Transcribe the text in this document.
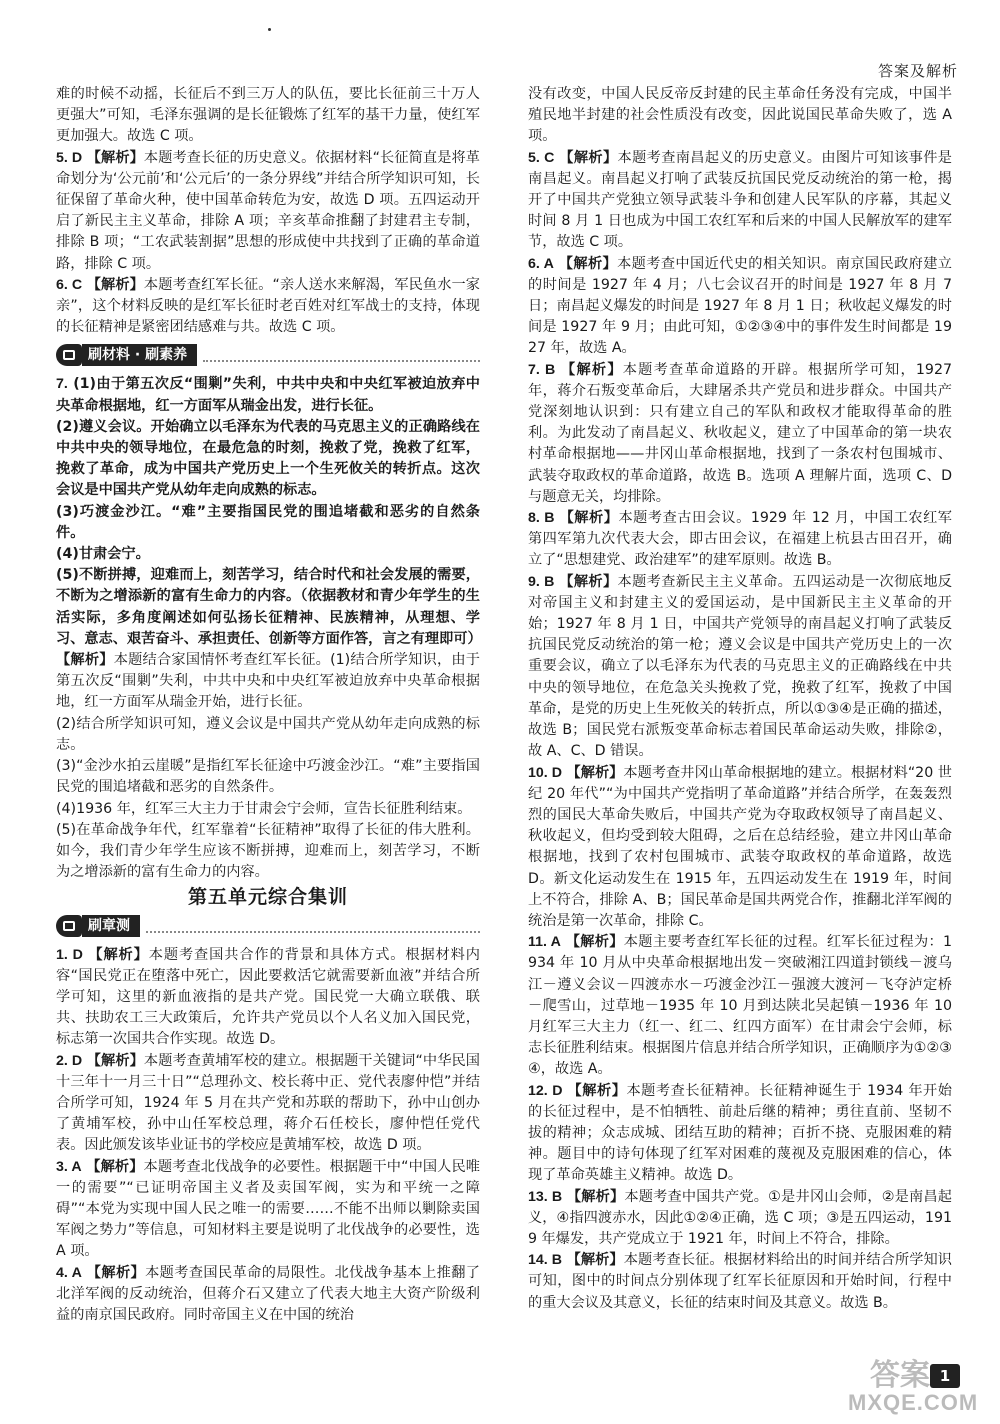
答案及解析

难的时候不动摇，长征后不到三万人的队伍，要比长征前三十万人更强大”可知，毛泽东强调的是长征锻炼了红军的基干力量，使红军更加强大。故选 C 项。

5. D 【解析】本题考查长征的历史意义。依据材料“长征简直是将革命划分为‘公元前’和‘公元后’的一条分界线”并结合所学知识可知，长征保留了革命火种，使中国革命转危为安，故选 D 项。五四运动开启了新民主主义革命，排除 A 项；辛亥革命推翻了封建君主专制，排除 B 项；“工农武装割据”思想的形成使中共找到了正确的革命道路，排除 C 项。

6. C 【解析】本题考查红军长征。“亲人送水来解渴，军民鱼水一家亲”，这个材料反映的是红军长征时老百姓对红军战士的支持，体现的长征精神是紧密团结感难与共。故选 C 项。

刷材料 · 刷素养

7. (1)由于第五次反“围剿”失利，中共中央和中央红军被迫放弃中央革命根据地，红一方面军从瑞金出发，进行长征。

(2)遵义会议。开始确立以毛泽东为代表的马克思主义的正确路线在中共中央的领导地位，在最危急的时刻，挽救了党，挽救了红军，挽救了革命，成为中国共产党历史上一个生死攸关的转折点。这次会议是中国共产党从幼年走向成熟的标志。

(3)巧渡金沙江。“难”主要指国民党的围追堵截和恶劣的自然条件。

(4)甘肃会宁。

(5)不断拼搏，迎难而上，刻苦学习，结合时代和社会发展的需要，不断为之增添新的富有生命力的内容。（依据教材和青少年学生的生活实际，多角度阐述如何弘扬长征精神、民族精神，从理想、学习、意志、艰苦奋斗、承担责任、创新等方面作答，言之有理即可）

【解析】本题结合家国情怀考查红军长征。(1)结合所学知识，由于第五次反“围剿”失利，中共中央和中央红军被迫放弃中央革命根据地，红一方面军从瑞金开始，进行长征。

(2)结合所学知识可知，遵义会议是中国共产党从幼年走向成熟的标志。

(3)“金沙水拍云崖暖”是指红军长征途中巧渡金沙江。“难”主要指国民党的围追堵截和恶劣的自然条件。

(4)1936 年，红军三大主力于甘肃会宁会师，宣告长征胜利结束。

(5)在革命战争年代，红军靠着“长征精神”取得了长征的伟大胜利。如今，我们青少年学生应该不断拼搏，迎难而上，刻苦学习，不断为之增添新的富有生命力的内容。

第五单元综合集训
刷章测

1. D 【解析】本题考查国共合作的背景和具体方式。根据材料内容“国民党正在堕落中死亡，因此要救活它就需要新血液”并结合所学可知，这里的新血液指的是共产党。国民党一大确立联俄、联共、扶助农工三大政策后，允许共产党员以个人名义加入国民党，标志第一次国共合作实现。故选 D。

2. D 【解析】本题考查黄埔军校的建立。根据题干关键词“中华民国十三年十一月三十日”“总理孙文、校长蒋中正、党代表廖仲恺”并结合所学可知，1924 年 5 月在共产党和苏联的帮助下，孙中山创办了黄埔军校，孙中山任军校总理，蒋介石任校长，廖仲恺任党代表。因此颁发该毕业证书的学校应是黄埔军校，故选 D 项。

3. A 【解析】本题考查北伐战争的必要性。根据题干中“中国人民唯一的需要”“已证明帝国主义者及卖国军阀，实为和平统一之障碍”“本党为实现中国人民之唯一的需要……不能不出师以剿除卖国军阀之势力”等信息，可知材料主要是说明了北伐战争的必要性，选 A 项。

4. A 【解析】本题考查国民革命的局限性。北伐战争基本上推翻了北洋军阀的反动统治，但蒋介石又建立了代表大地主大资产阶级利益的南京国民政府。同时帝国主义在中国的统治

没有改变，中国人民反帝反封建的民主革命任务没有完成，中国半殖民地半封建的社会性质没有改变，因此说国民革命失败了，选 A 项。

5. C 【解析】本题考查南昌起义的历史意义。由图片可知该事件是南昌起义。南昌起义打响了武装反抗国民党反动统治的第一枪，揭开了中国共产党独立领导武装斗争和创建人民军队的序幕，其起义时间 8 月 1 日也成为中国工农红军和后来的中国人民解放军的建军节，故选 C 项。

6. A 【解析】本题考查中国近代史的相关知识。南京国民政府建立的时间是 1927 年 4 月；八七会议召开的时间是 1927 年 8 月 7 日；南昌起义爆发的时间是 1927 年 8 月 1 日；秋收起义爆发的时间是 1927 年 9 月；由此可知，①②③④中的事件发生时间都是 1927 年，故选 A。

7. B 【解析】本题考查革命道路的开辟。根据所学可知，1927 年，蒋介石叛变革命后，大肆屠杀共产党员和进步群众。中国共产党深刻地认识到：只有建立自己的军队和政权才能取得革命的胜利。为此发动了南昌起义、秋收起义，建立了中国革命的第一块农村革命根据地——井冈山革命根据地，找到了一条农村包围城市、武装夺取政权的革命道路，故选 B。选项 A 理解片面，选项 C、D 与题意无关，均排除。

8. B 【解析】本题考查古田会议。1929 年 12 月，中国工农红军第四军第九次代表大会，即古田会议，在福建上杭县古田召开，确立了“思想建党、政治建军”的建军原则。故选 B。

9. B 【解析】本题考查新民主主义革命。五四运动是一次彻底地反对帝国主义和封建主义的爱国运动，是中国新民主主义革命的开始；1927 年 8 月 1 日，中国共产党领导的南昌起义打响了武装反抗国民党反动统治的第一枪；遵义会议是中国共产党历史上的一次重要会议，确立了以毛泽东为代表的马克思主义的正确路线在中共中央的领导地位，在危急关头挽救了党，挽救了红军，挽救了中国革命，是党的历史上生死攸关的转折点，所以①③④是正确的描述，故选 B；国民党右派叛变革命标志着国民革命运动失败，排除②，故 A、C、D 错误。

10. D 【解析】本题考查井冈山革命根据地的建立。根据材料“20 世纪 20 年代”“为中国共产党指明了革命道路”并结合所学，在轰轰烈烈的国民大革命失败后，中国共产党为夺取政权领导了南昌起义、秋收起义，但均受到较大阻碍，之后在总结经验，建立井冈山革命根据地，找到了农村包围城市、武装夺取政权的革命道路，故选 D。新文化运动发生在 1915 年，五四运动发生在 1919 年，时间上不符合，排除 A、B；国民革命是国共两党合作，推翻北洋军阀的统治是第一次革命，排除 C。

11. A 【解析】本题主要考查红军长征的过程。红军长征过程为：1934 年 10 月从中央革命根据地出发－突破湘江四道封锁线－渡乌江－遵义会议－四渡赤水－巧渡金沙江－强渡大渡河－飞夺泸定桥－爬雪山，过草地－1935 年 10 月到达陕北吴起镇－1936 年 10 月红军三大主力（红一、红二、红四方面军）在甘肃会宁会师，标志长征胜利结束。根据图片信息并结合所学知识，正确顺序为①②③④，故选 A。

12. D 【解析】本题考查长征精神。长征精神诞生于 1934 年开始的长征过程中，是不怕牺牲、前赴后继的精神；勇往直前、坚韧不拔的精神；众志成城、团结互助的精神；百折不挠、克服困难的精神。题目中的诗句体现了红军对困难的蔑视及克服困难的信心，体现了革命英雄主义精神。故选 D。

13. B 【解析】本题考查中国共产党。①是井冈山会师，②是南昌起义，④指四渡赤水，因此①②④正确，选 C 项；③是五四运动，1919 年爆发，共产党成立于 1921 年，时间上不符合，排除。

14. B 【解析】本题考查长征。根据材料给出的时间并结合所学知识可知，图中的时间点分别体现了红军长征原因和开始时间，行程中的重大会议及其意义，长征的结束时间及其意义。故选 B。

1
答案
MXQE.COM
